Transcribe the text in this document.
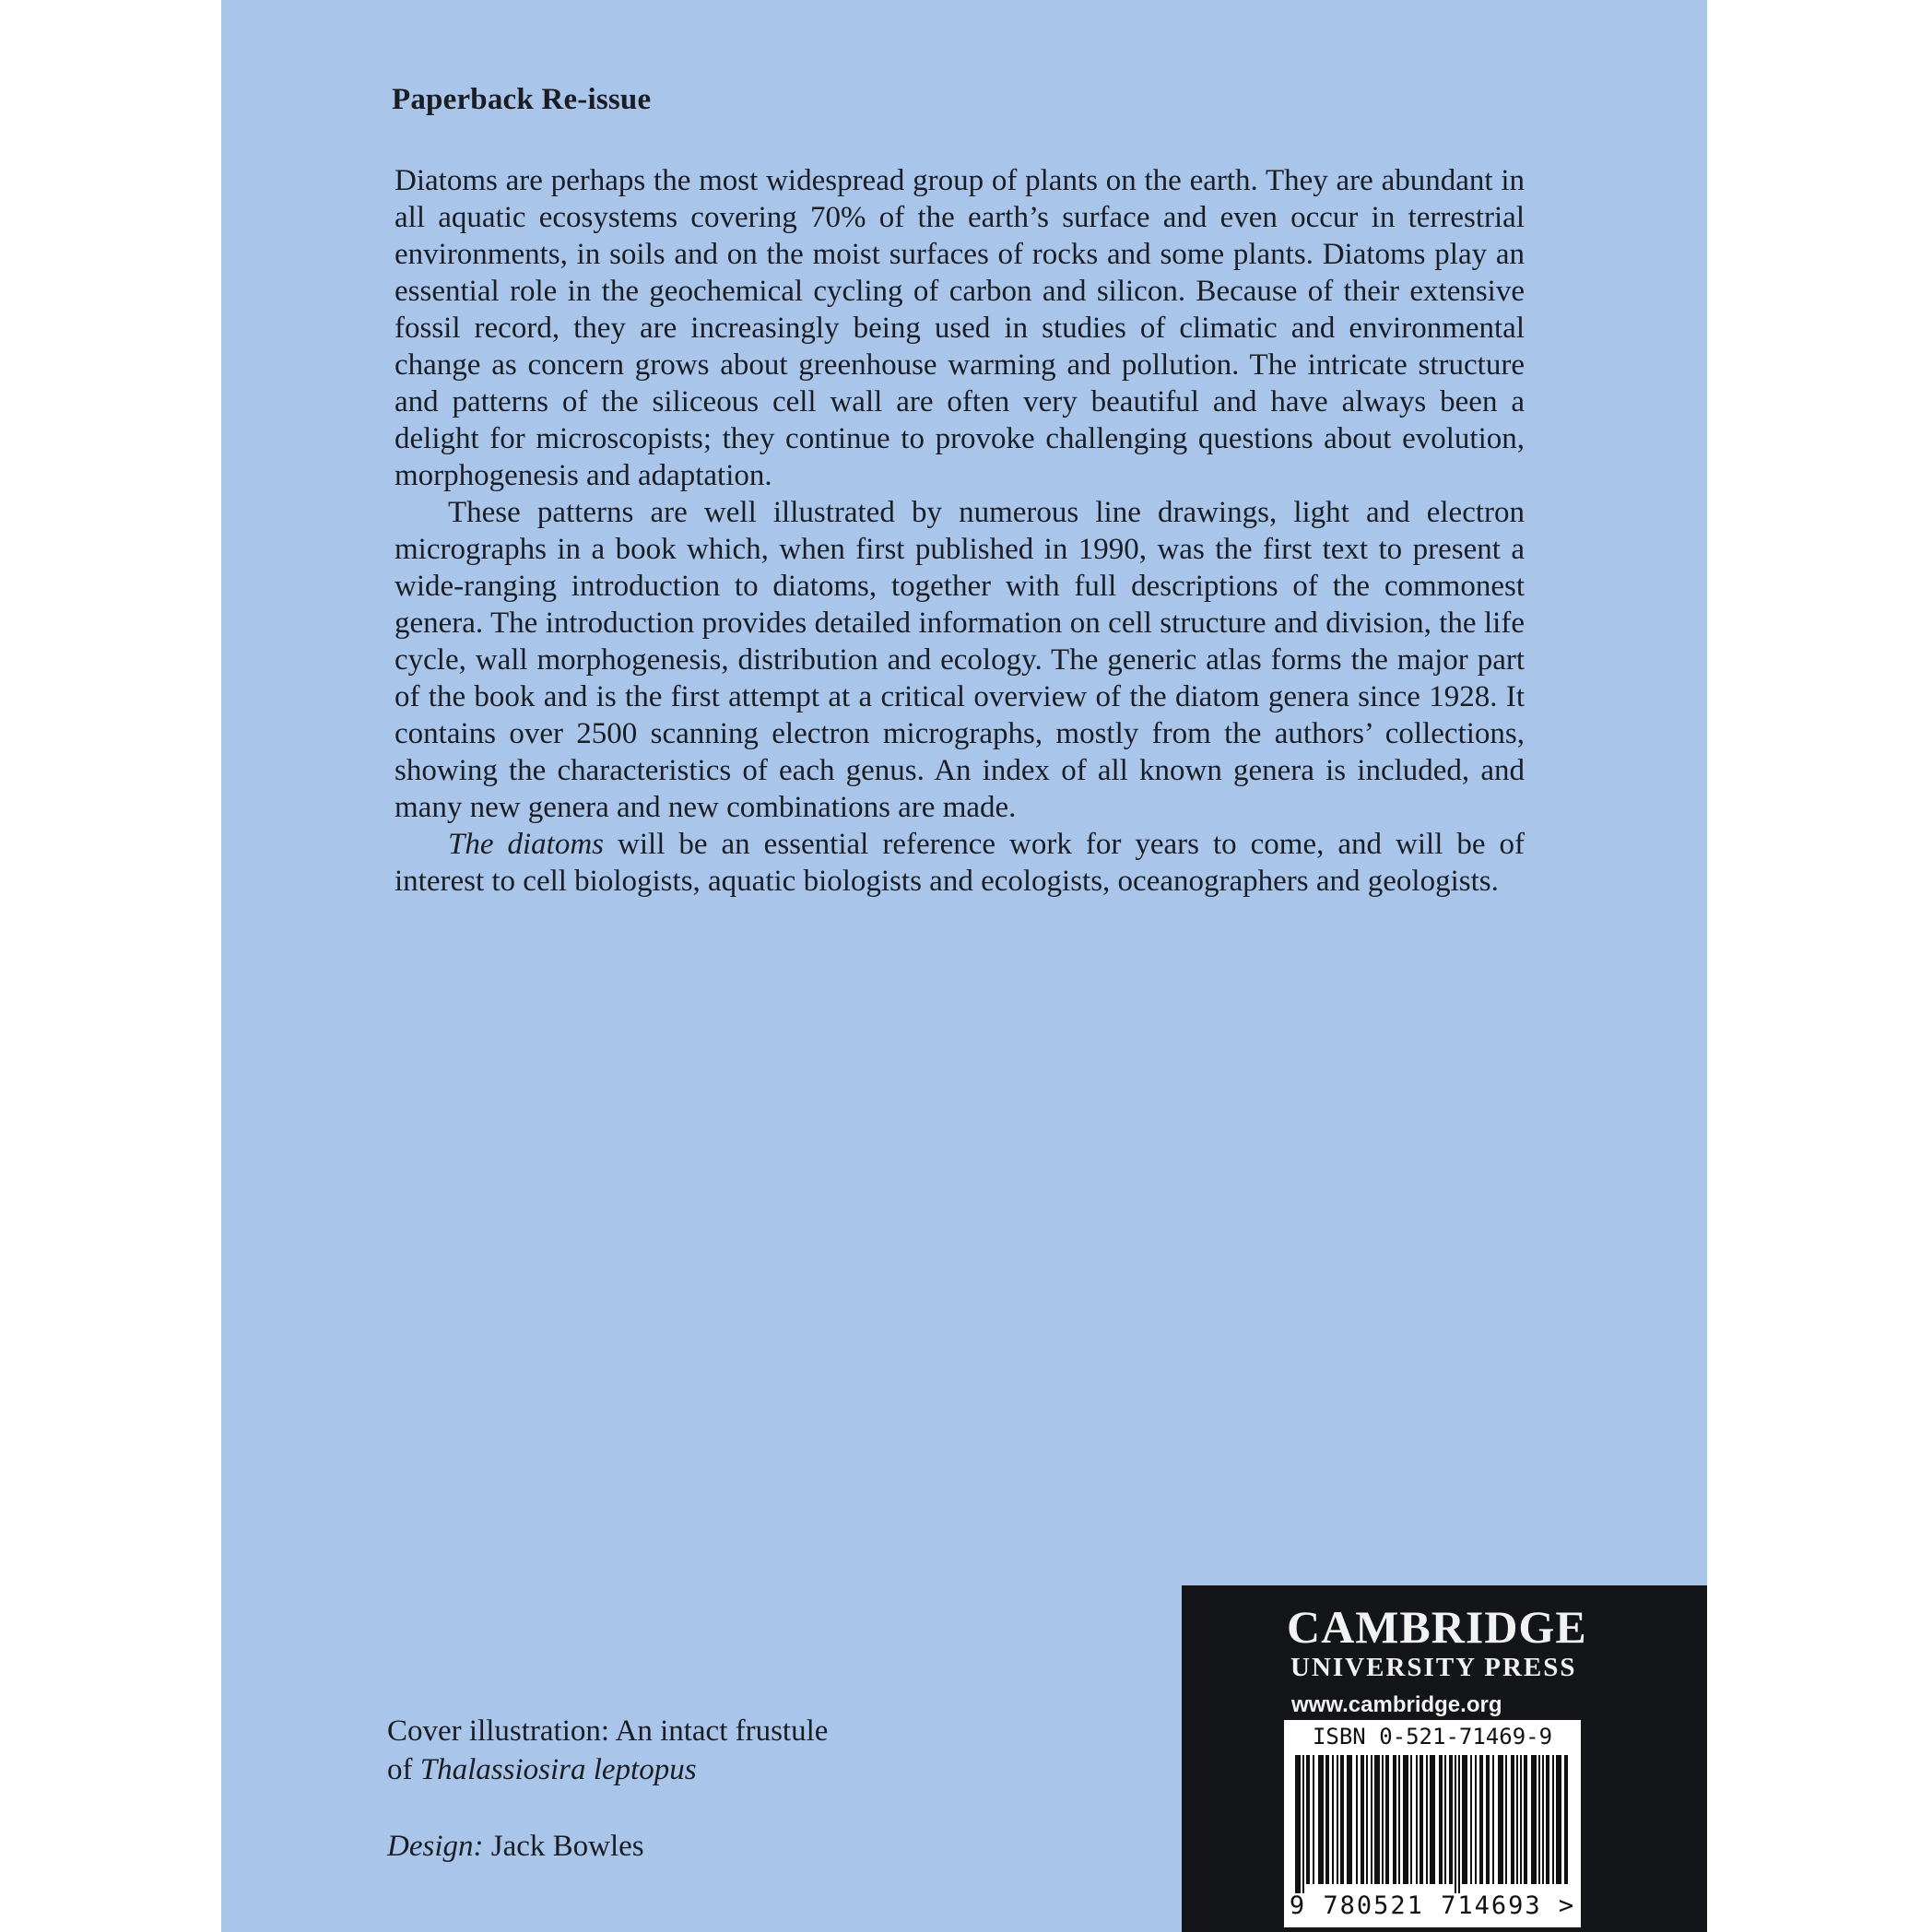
Paperback Re-issue

Diatoms are perhaps the most widespread group of plants on the earth. They are abundant in all aquatic ecosystems covering 70% of the earth’s surface and even occur in terrestrial environments, in soils and on the moist surfaces of rocks and some plants. Diatoms play an essential role in the geochemical cycling of carbon and silicon. Because of their extensive fossil record, they are increasingly being used in studies of climatic and environmental change as concern grows about greenhouse warming and pollution. The intricate structure and patterns of the siliceous cell wall are often very beautiful and have always been a delight for microscopists; they continue to provoke challenging questions about evolution, morphogenesis and adaptation.

These patterns are well illustrated by numerous line drawings, light and electron micrographs in a book which, when first published in 1990, was the first text to present a wide-ranging introduction to diatoms, together with full descriptions of the commonest genera. The introduction provides detailed information on cell structure and division, the life cycle, wall morphogenesis, distribution and ecology. The generic atlas forms the major part of the book and is the first attempt at a critical overview of the diatom genera since 1928. It contains over 2500 scanning electron micrographs, mostly from the authors’ collections, showing the characteristics of each genus. An index of all known genera is included, and many new genera and new combinations are made.

The diatoms will be an essential reference work for years to come, and will be of interest to cell biologists, aquatic biologists and ecologists, oceanographers and geologists.

Cover illustration: An intact frustule
of Thalassiosira leptopus
Design: Jack Bowles
CAMBRIDGE
UNIVERSITY PRESS
www.cambridge.org
ISBN 0-521-71469-9
9 780521 714693 >
